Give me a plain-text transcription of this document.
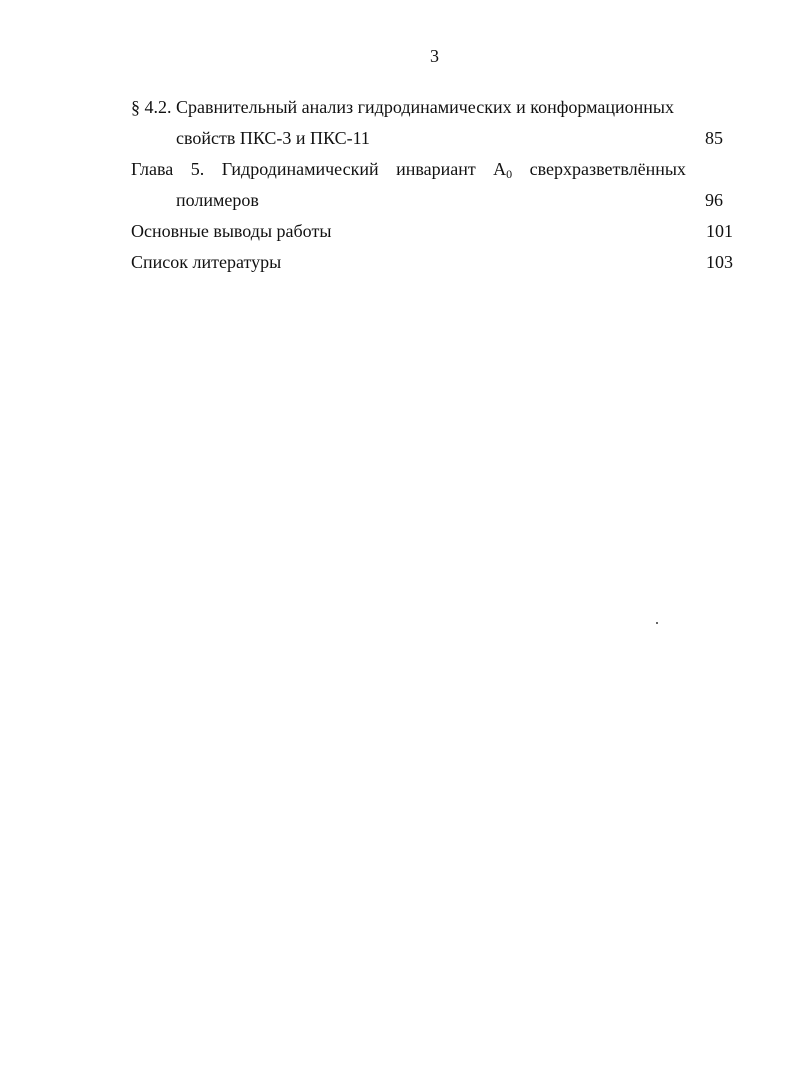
3
§ 4.2. Сравнительный анализ гидродинамических и конформационных
свойств ПКС-3 и ПКС-11	85
Глава 5. Гидродинамический инвариант $A_0$ сверхразветвлённых
полимеров	96
Основные выводы работы	101
Список литературы	103
